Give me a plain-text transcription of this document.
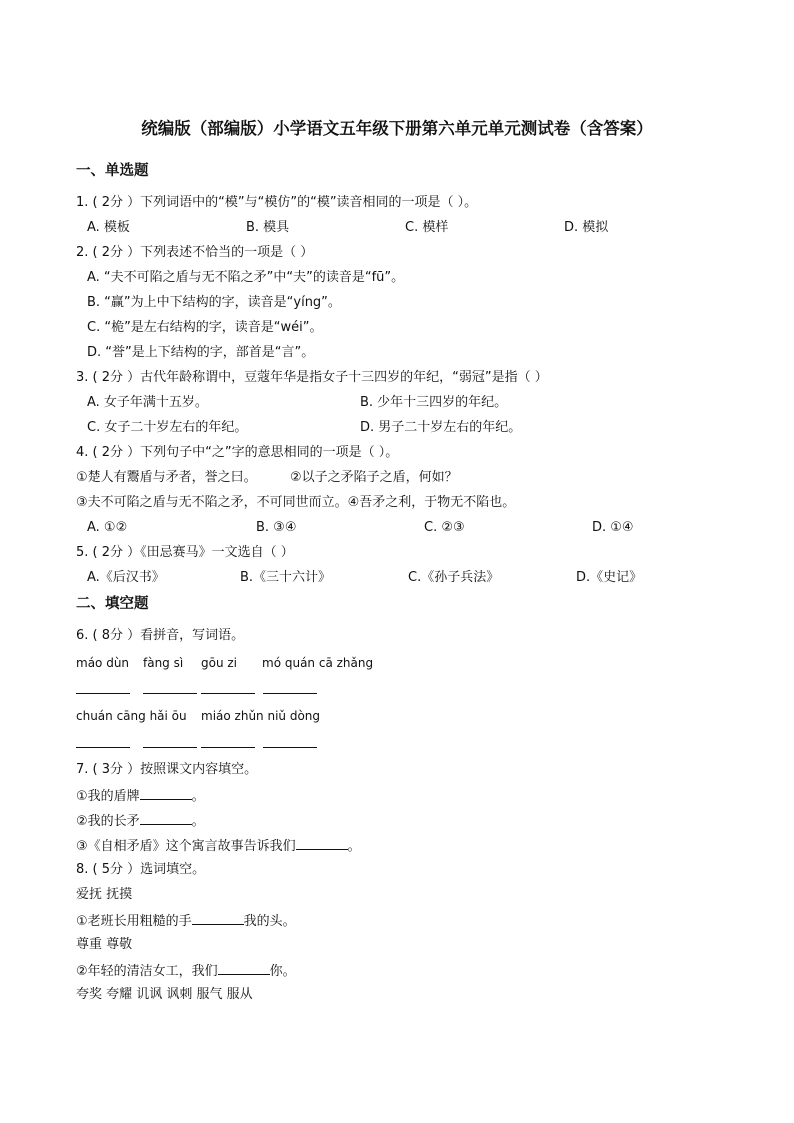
统编版（部编版）小学语文五年级下册第六单元单元测试卷（含答案）
一、单选题
1. ( 2分 ）下列词语中的“模”与“模仿”的“模”读音相同的一项是（ ）。
A. 模板	B. 模具	C. 模样	D. 模拟
2. ( 2分 ）下列表述不恰当的一项是（ ）
A. “夫不可陷之盾与无不陷之矛”中“夫”的读音是“fū”。
B. “赢”为上中下结构的字，读音是“yíng”。
C. “桅”是左右结构的字，读音是“wéi”。
D. “誉”是上下结构的字，部首是“言”。
3. ( 2分 ）古代年龄称谓中，豆蔻年华是指女子十三四岁的年纪，“弱冠”是指（ ）
A. 女子年满十五岁。	B. 少年十三四岁的年纪。
C. 女子二十岁左右的年纪。	D. 男子二十岁左右的年纪。
4. ( 2分 ）下列句子中“之”字的意思相同的一项是（ ）。
①楚人有鬻盾与矛者，誉之曰。	②以子之矛陷子之盾，何如？
③夫不可陷之盾与无不陷之矛，不可同世而立。④吾矛之利，于物无不陷也。
A. ①②	B. ③④	C. ②③	D. ①④
5. ( 2分 ）《田忌赛马》一文选自（ ）
A.《后汉书》	B.《三十六计》	C.《孙子兵法》	D.《史记》
二、填空题
6. ( 8分 ）看拼音，写词语。
máo dùn fàng sì gōu zi mó quán cā zhǎng
chuán cāng hǎi ōu miáo zhǔn niǔ dòng
7. ( 3分 ）按照课文内容填空。
①我的盾牌	。
②我的长矛	。
③《自相矛盾》这个寓言故事告诉我们	。
8. ( 5分 ）选词填空。
爱抚 抚摸
①老班长用粗糙的手	我的头。
尊重 尊敬
②年轻的清洁女工，我们	你。
夸奖 夸耀 讥讽 讽刺 服气 服从
